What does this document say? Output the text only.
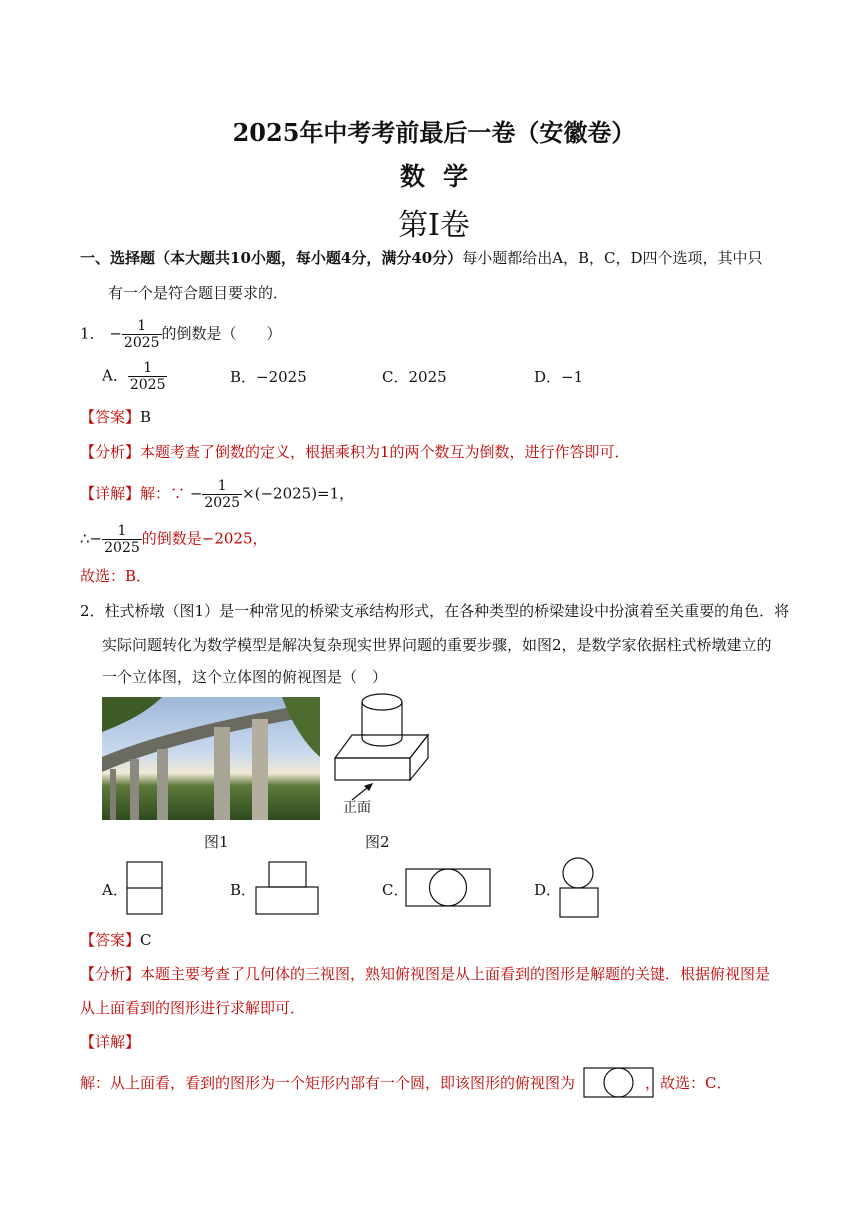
2025年中考考前最后一卷（安徽卷）
数学
第Ⅰ卷
一、选择题（本大题共10小题，每小题4分，满分40分）每小题都给出A，B，C，D四个选项，其中只
有一个是符合题目要求的．
1． − $\frac{1}{2025}$ 的倒数是（　　）
A． $\frac{1}{2025}$	B．−2025	C．2025	D．−1
【答案】B
【分析】本题考查了倒数的定义，根据乘积为1的两个数互为倒数，进行作答即可．
【详解】解：∵ − $\frac{1}{2025} \times(-2025)=1$，
∴− $\frac{1}{2025}$ 的倒数是−2025，
故选：B．
2．柱式桥墩（图1）是一种常见的桥梁支承结构形式，在各种类型的桥梁建设中扮演着至关重要的角色．将
实际问题转化为数学模型是解决复杂现实世界问题的重要步骤，如图2，是数学家依据柱式桥墩建立的
一个立体图，这个立体图的俯视图是（　）
图1
正面
图2
A．	B．	C．	D．
【答案】C
【分析】本题主要考查了几何体的三视图，熟知俯视图是从上面看到的图形是解题的关键．根据俯视图是
从上面看到的图形进行求解即可．
【详解】
解：从上面看，看到的图形为一个矩形内部有一个圆，即该图形的俯视图为	，故选：C．
